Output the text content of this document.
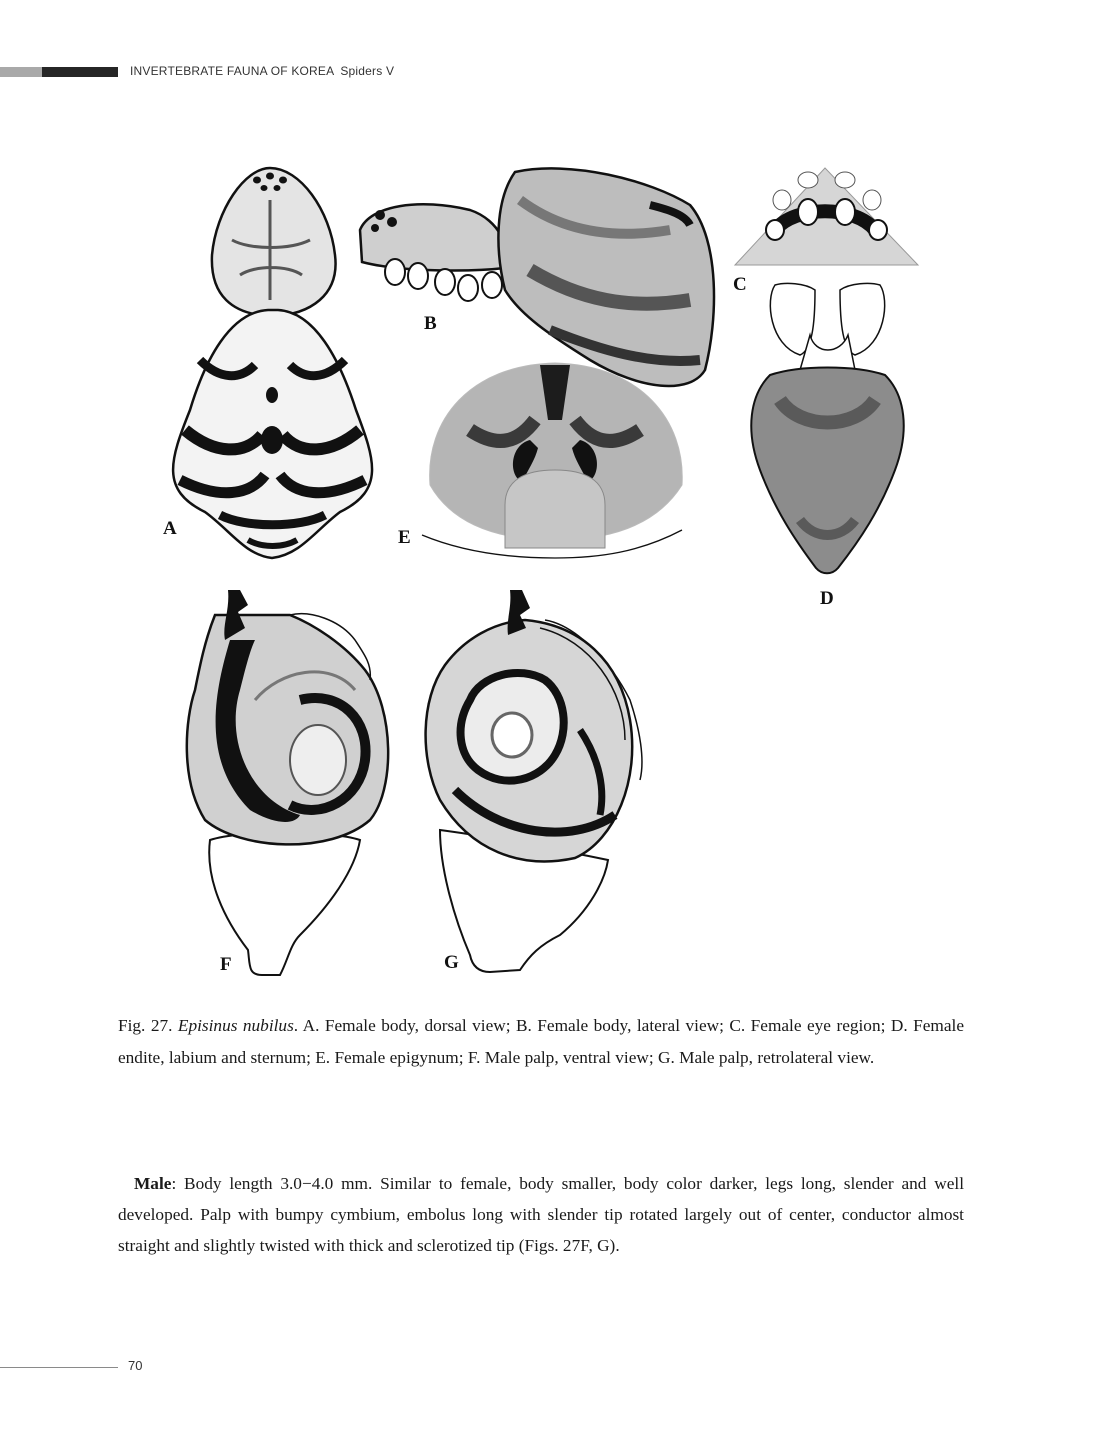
INVERTEBRATE FAUNA OF KOREA Spiders V
A
B
C
D
E
F	G
Fig. 27. Episinus nubilus. A. Female body, dorsal view; B. Female body, lateral view; C. Female eye region; D. Female endite, labium and sternum; E. Female epigynum; F. Male palp, ventral view; G. Male palp, retrolateral view.
Male: Body length 3.0−4.0 mm. Similar to female, body smaller, body color darker, legs long, slender and well developed. Palp with bumpy cymbium, embolus long with slender tip rotated largely out of center, conductor almost straight and slightly twisted with thick and sclerotized tip (Figs. 27F, G).
70
